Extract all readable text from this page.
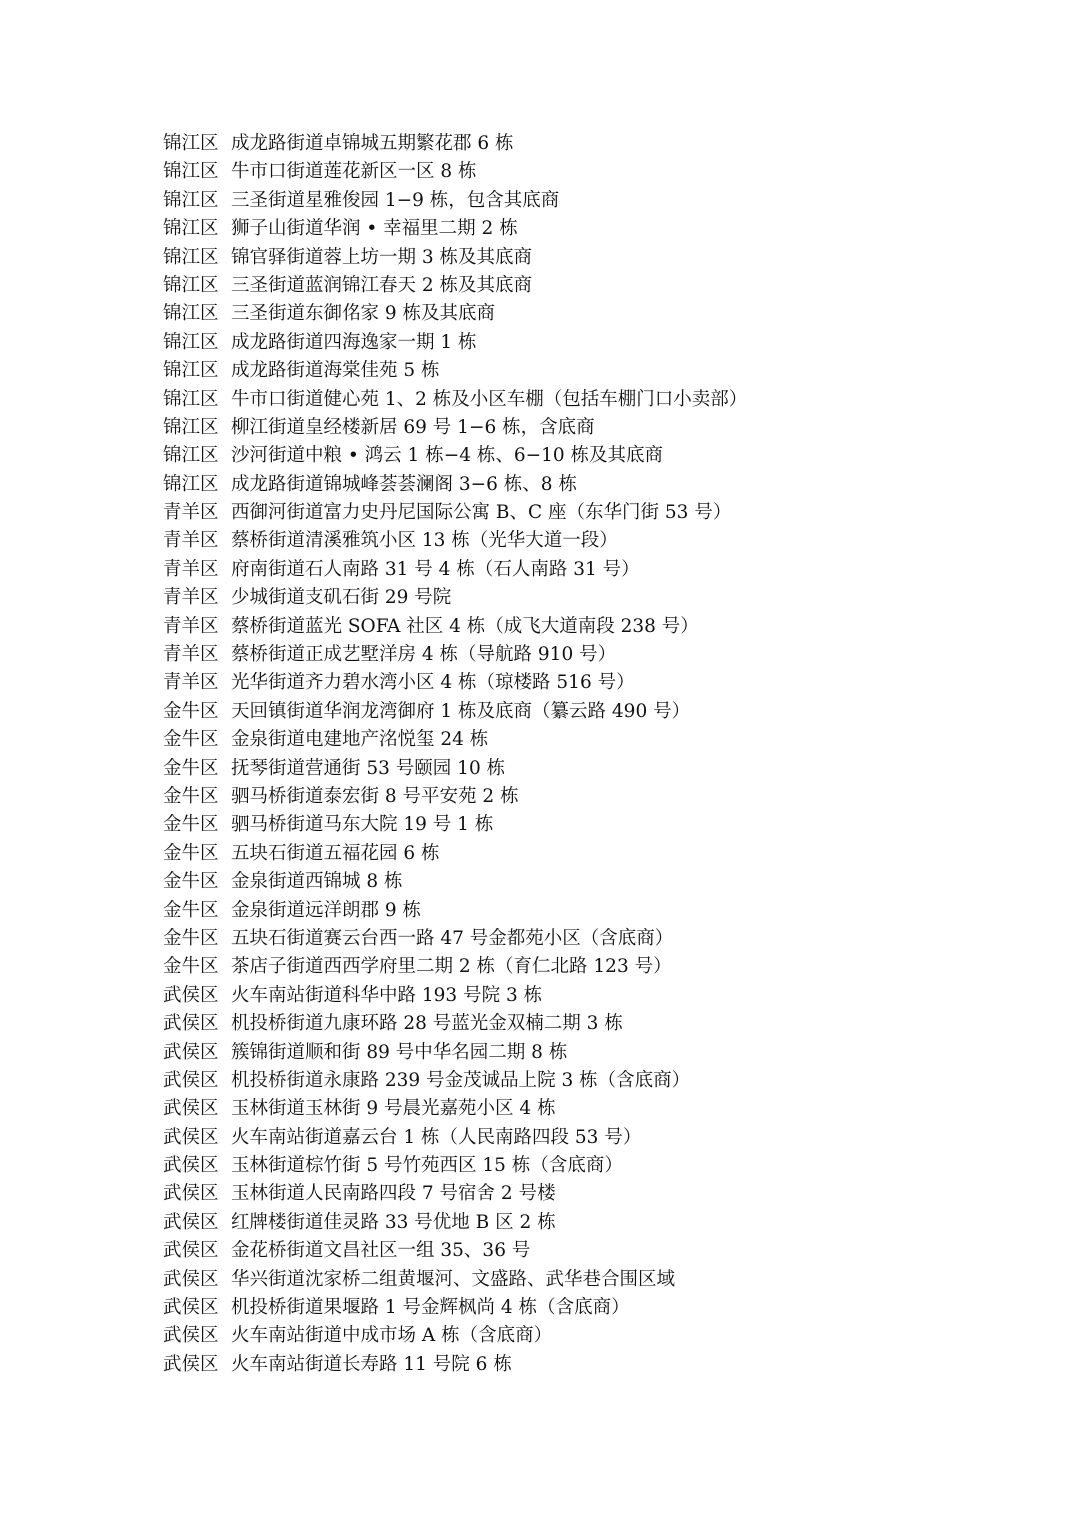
锦江区 成龙路街道卓锦城五期繁花郡 6 栋
锦江区 牛市口街道莲花新区一区 8 栋
锦江区 三圣街道星雅俊园 1−9 栋，包含其底商
锦江区 狮子山街道华润 • 幸福里二期 2 栋
锦江区 锦官驿街道蓉上坊一期 3 栋及其底商
锦江区 三圣街道蓝润锦江春天 2 栋及其底商
锦江区 三圣街道东御佲家 9 栋及其底商
锦江区 成龙路街道四海逸家一期 1 栋
锦江区 成龙路街道海棠佳苑 5 栋
锦江区 牛市口街道健心苑 1、2 栋及小区车棚（包括车棚门口小卖部）
锦江区 柳江街道皇经楼新居 69 号 1−6 栋，含底商
锦江区 沙河街道中粮 • 鸿云 1 栋−4 栋、6−10 栋及其底商
锦江区 成龙路街道锦城峰荟荟澜阁 3−6 栋、8 栋
青羊区 西御河街道富力史丹尼国际公寓 B、C 座（东华门街 53 号）
青羊区 蔡桥街道清溪雅筑小区 13 栋（光华大道一段）
青羊区 府南街道石人南路 31 号 4 栋（石人南路 31 号）
青羊区 少城街道支矶石街 29 号院
青羊区 蔡桥街道蓝光 SOFA 社区 4 栋（成飞大道南段 238 号）
青羊区 蔡桥街道正成艺墅洋房 4 栋（导航路 910 号）
青羊区 光华街道齐力碧水湾小区 4 栋（琼楼路 516 号）
金牛区 天回镇街道华润龙湾御府 1 栋及底商（纂云路 490 号）
金牛区 金泉街道电建地产洺悦玺 24 栋
金牛区 抚琴街道营通街 53 号颐园 10 栋
金牛区 驷马桥街道泰宏街 8 号平安苑 2 栋
金牛区 驷马桥街道马东大院 19 号 1 栋
金牛区 五块石街道五福花园 6 栋
金牛区 金泉街道西锦城 8 栋
金牛区 金泉街道远洋朗郡 9 栋
金牛区 五块石街道赛云台西一路 47 号金都苑小区（含底商）
金牛区 茶店子街道西西学府里二期 2 栋（育仁北路 123 号）
武侯区 火车南站街道科华中路 193 号院 3 栋
武侯区 机投桥街道九康环路 28 号蓝光金双楠二期 3 栋
武侯区 簇锦街道顺和街 89 号中华名园二期 8 栋
武侯区 机投桥街道永康路 239 号金茂诚品上院 3 栋（含底商）
武侯区 玉林街道玉林街 9 号晨光嘉苑小区 4 栋
武侯区 火车南站街道嘉云台 1 栋（人民南路四段 53 号）
武侯区 玉林街道棕竹街 5 号竹苑西区 15 栋（含底商）
武侯区 玉林街道人民南路四段 7 号宿舍 2 号楼
武侯区 红牌楼街道佳灵路 33 号优地 B 区 2 栋
武侯区 金花桥街道文昌社区一组 35、36 号
武侯区 华兴街道沈家桥二组黄堰河、文盛路、武华巷合围区域
武侯区 机投桥街道果堰路 1 号金辉枫尚 4 栋（含底商）
武侯区 火车南站街道中成市场 A 栋（含底商）
武侯区 火车南站街道长寿路 11 号院 6 栋
